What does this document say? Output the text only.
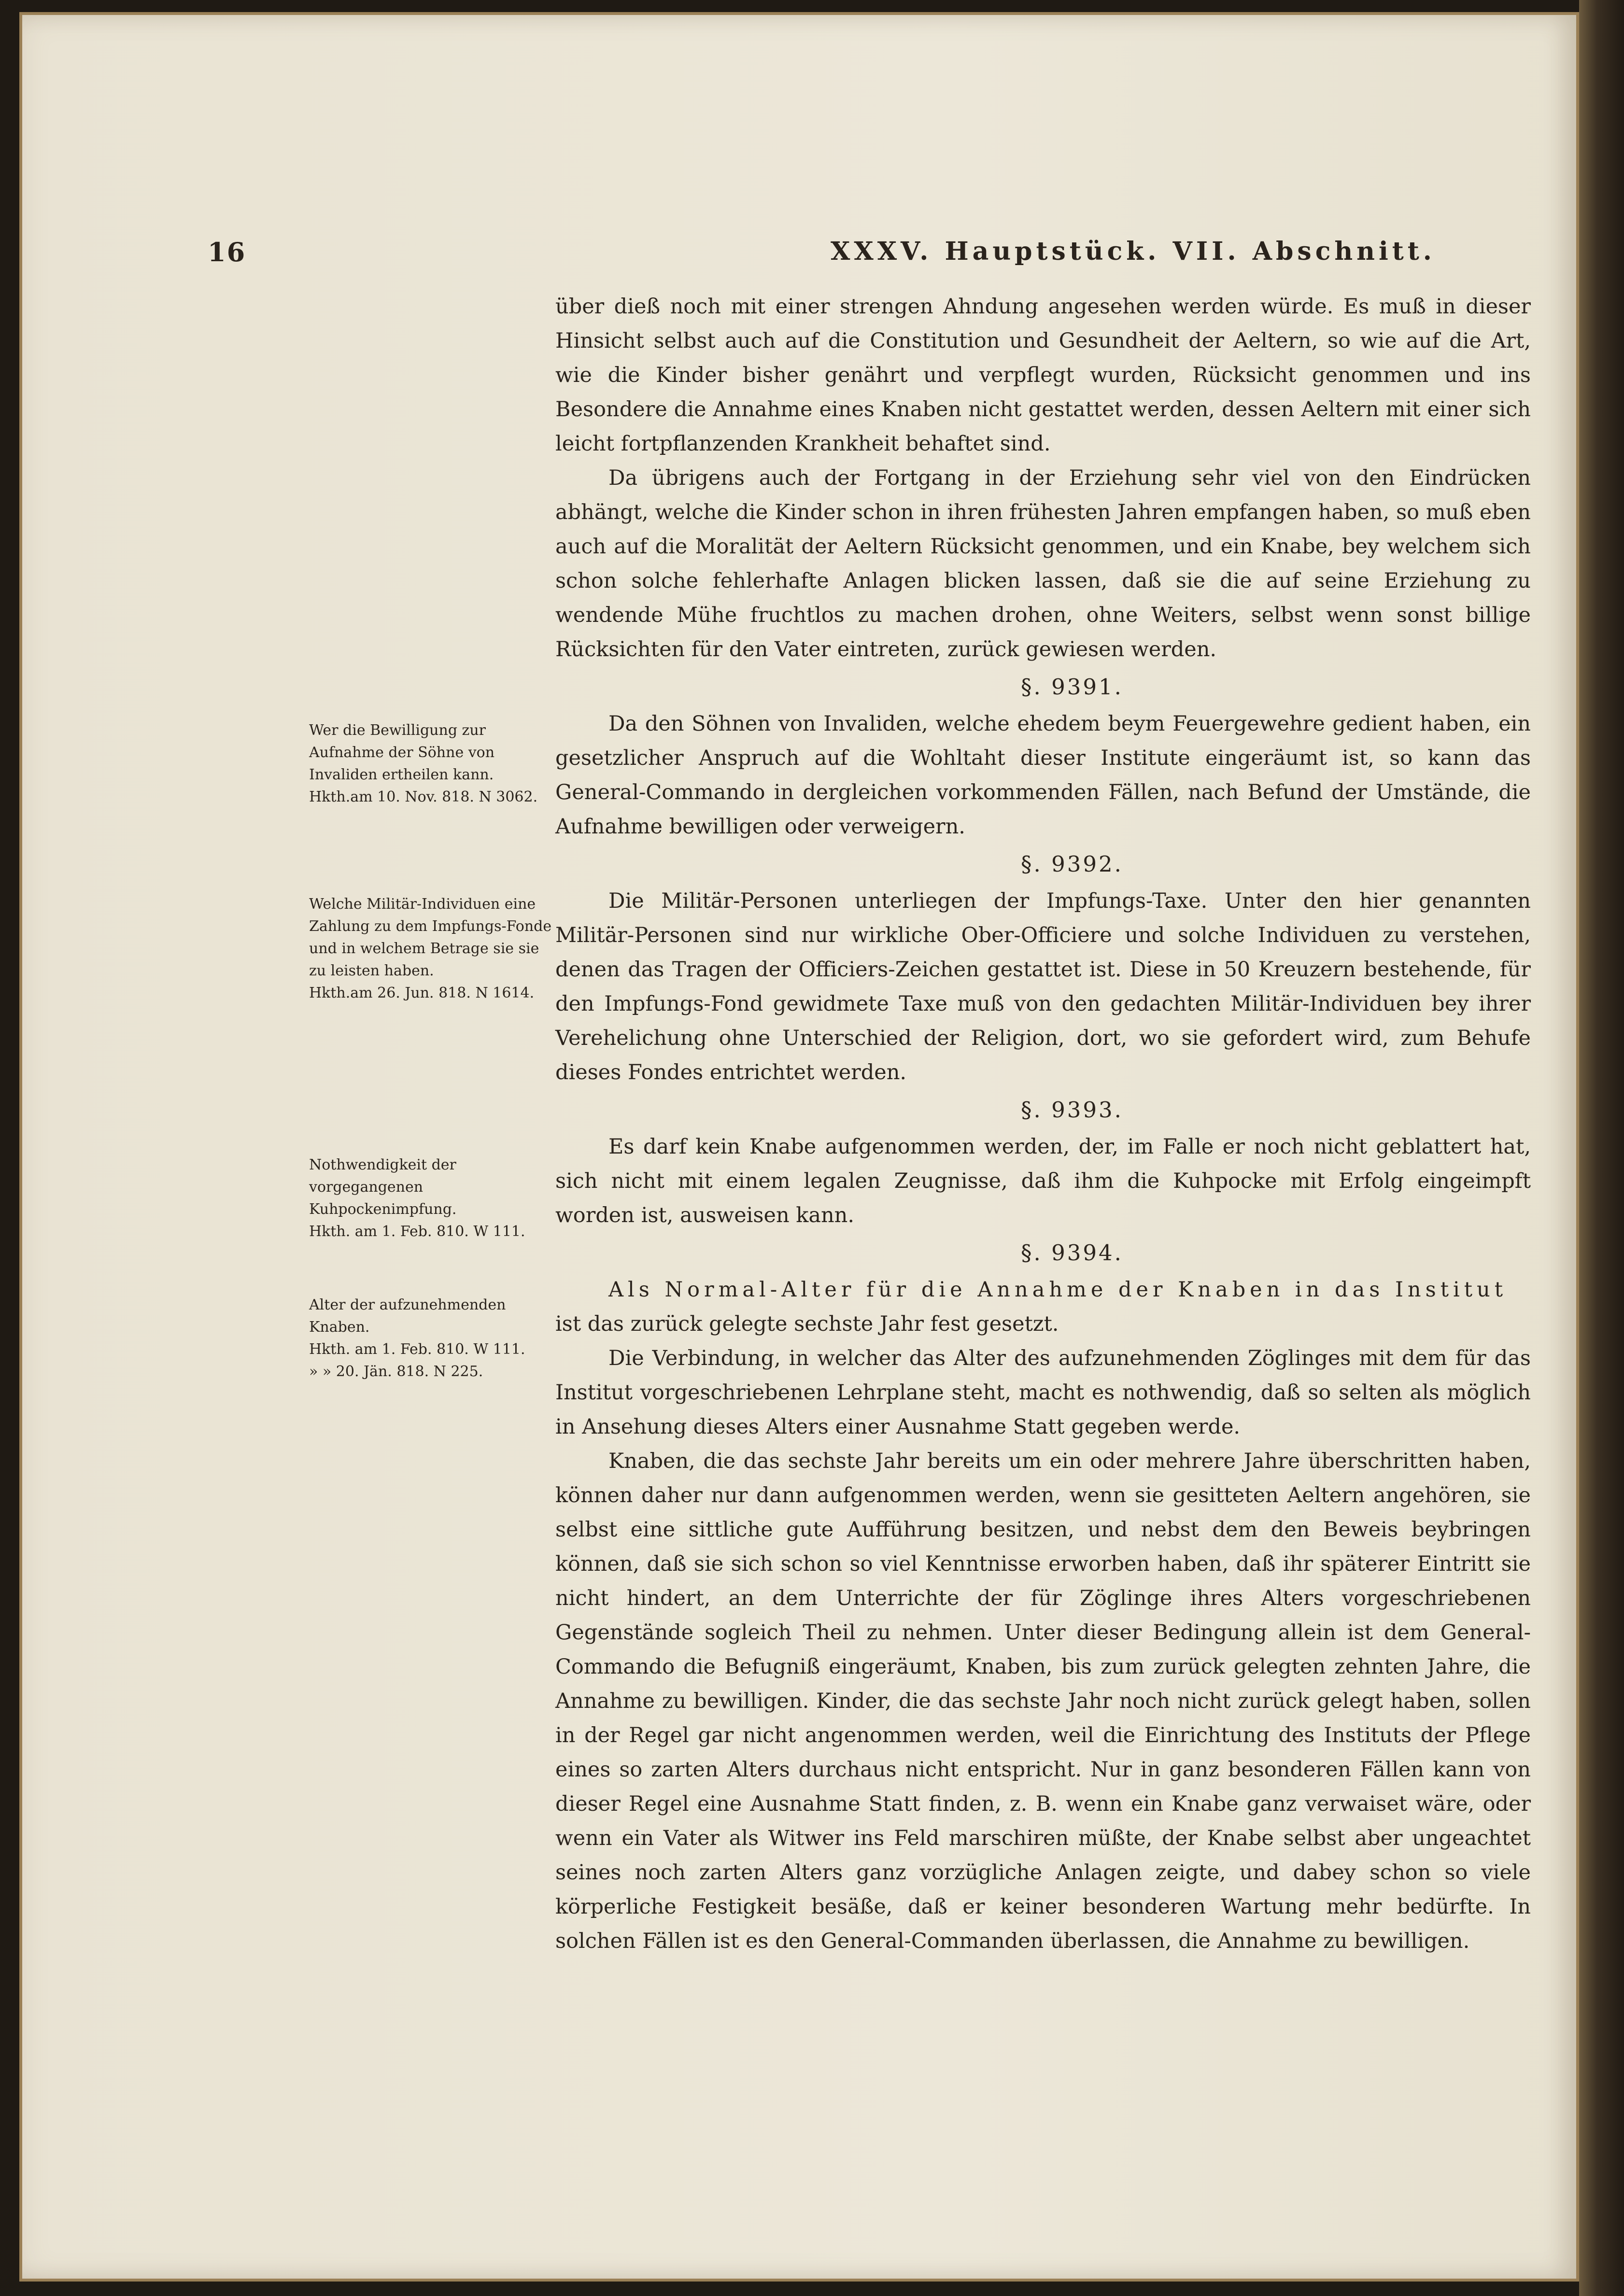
16	XXXV. Hauptstück. VII. Abschnitt.
Wer die Bewilligung zur Aufnahme der Söhne von Invaliden ertheilen kann.
Hkth.am 10. Nov. 818. N 3062.
Welche Militär-Individuen eine Zahlung zu dem Impfungs-Fonde und in welchem Betrage sie sie zu leisten haben.
Hkth.am 26. Jun. 818. N 1614.
Nothwendigkeit der vorgegangenen Kuhpockenimpfung.
Hkth. am 1. Feb. 810. W 111.
Alter der aufzunehmenden Knaben.
Hkth. am 1. Feb. 810. W 111.
» » 20. Jän. 818. N 225.

über dieß noch mit einer strengen Ahndung angesehen werden würde. Es muß in dieser Hinsicht selbst auch auf die Constitution und Gesundheit der Aeltern, so wie auf die Art, wie die Kinder bisher genährt und verpflegt wurden, Rücksicht genommen und ins Besondere die Annahme eines Knaben nicht gestattet werden, dessen Aeltern mit einer sich leicht fortpflanzenden Krankheit behaftet sind.

Da übrigens auch der Fortgang in der Erziehung sehr viel von den Eindrücken abhängt, welche die Kinder schon in ihren frühesten Jahren empfangen haben, so muß eben auch auf die Moralität der Aeltern Rücksicht genommen, und ein Knabe, bey welchem sich schon solche fehlerhafte Anlagen blicken lassen, daß sie die auf seine Erziehung zu wendende Mühe fruchtlos zu machen drohen, ohne Weiters, selbst wenn sonst billige Rücksichten für den Vater eintreten, zurück gewiesen werden.

§. 9391.

Da den Söhnen von Invaliden, welche ehedem beym Feuergewehre gedient haben, ein gesetzlicher Anspruch auf die Wohltaht dieser Institute eingeräumt ist, so kann das General-Commando in dergleichen vorkommenden Fällen, nach Befund der Umstände, die Aufnahme bewilligen oder verweigern.

§. 9392.

Die Militär-Personen unterliegen der Impfungs-Taxe. Unter den hier genannten Militär-Personen sind nur wirkliche Ober-Officiere und solche Individuen zu verstehen, denen das Tragen der Officiers-Zeichen gestattet ist. Diese in 50 Kreuzern bestehende, für den Impfungs-Fond gewidmete Taxe muß von den gedachten Militär-Individuen bey ihrer Verehelichung ohne Unterschied der Religion, dort, wo sie gefordert wird, zum Behufe dieses Fondes entrichtet werden.

§. 9393.

Es darf kein Knabe aufgenommen werden, der, im Falle er noch nicht geblattert hat, sich nicht mit einem legalen Zeugnisse, daß ihm die Kuhpocke mit Erfolg eingeimpft worden ist, ausweisen kann.

§. 9394.

Als Normal-Alter für die Annahme der Knaben in das Institut

ist das zurück gelegte sechste Jahr fest gesetzt.

Die Verbindung, in welcher das Alter des aufzunehmenden Zöglinges mit dem für das Institut vorgeschriebenen Lehrplane steht, macht es nothwendig, daß so selten als möglich in Ansehung dieses Alters einer Ausnahme Statt gegeben werde.

Knaben, die das sechste Jahr bereits um ein oder mehrere Jahre überschritten haben, können daher nur dann aufgenommen werden, wenn sie gesitteten Aeltern angehören, sie selbst eine sittliche gute Aufführung besitzen, und nebst dem den Beweis beybringen können, daß sie sich schon so viel Kenntnisse erworben haben, daß ihr späterer Eintritt sie nicht hindert, an dem Unterrichte der für Zöglinge ihres Alters vorgeschriebenen Gegenstände sogleich Theil zu nehmen. Unter dieser Bedingung allein ist dem General-Commando die Befugniß eingeräumt, Knaben, bis zum zurück gelegten zehnten Jahre, die Annahme zu bewilligen. Kinder, die das sechste Jahr noch nicht zurück gelegt haben, sollen in der Regel gar nicht angenommen werden, weil die Einrichtung des Instituts der Pflege eines so zarten Alters durchaus nicht entspricht. Nur in ganz besonderen Fällen kann von dieser Regel eine Ausnahme Statt finden, z. B. wenn ein Knabe ganz verwaiset wäre, oder wenn ein Vater als Witwer ins Feld marschiren müßte, der Knabe selbst aber ungeachtet seines noch zarten Alters ganz vorzügliche Anlagen zeigte, und dabey schon so viele körperliche Festigkeit besäße, daß er keiner besonderen Wartung mehr bedürfte. In solchen Fällen ist es den General-Commanden überlassen, die Annahme zu bewilligen.
